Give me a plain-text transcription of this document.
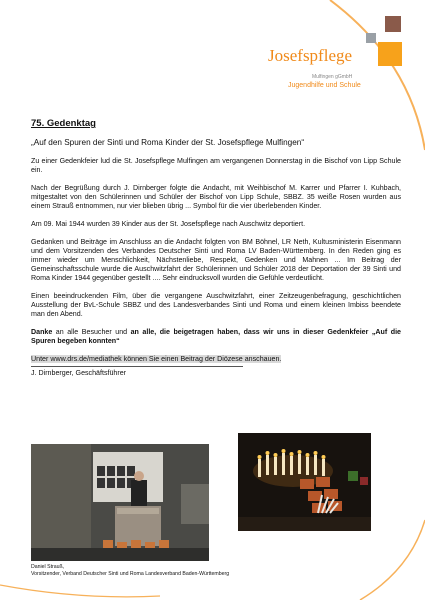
Josefspflege
Mulfingen gGmbH
Jugendhilfe und Schule
75. Gedenktag
„Auf den Spuren der Sinti und Roma Kinder der St. Josefspflege Mulfingen“

Zu einer Gedenkfeier lud die St. Josefspflege Mulfingen am vergangenen Donnerstag in die Bischof von Lipp Schule ein.

Nach der Begrüßung durch J. Dirnberger folgte die Andacht, mit Weihbischof M. Karrer und Pfarrer I. Kuhbach, mitgestaltet von den Schülerinnen und Schüler der Bischof von Lipp Schule, SBBZ. 35 weiße Rosen wurden aus einem Strauß entnommen, nur vier blieben übrig ... Symbol für die vier überlebenden Kinder.

Am 09. Mai 1944 wurden 39 Kinder aus der St. Josefspflege nach Auschwitz deportiert.

Gedanken und Beiträge im Anschluss an die Andacht folgten von BM Böhnel, LR Neth, Kultusministerin Eisenmann und dem Vorsitzenden des Verbandes Deutscher Sinti und Roma LV Baden-Württemberg. In den Reden ging es immer wieder um Menschlichkeit, Nächstenliebe, Respekt, Gedenken und Mahnen ... Im Beitrag der Gemeinschaftsschule wurde die Auschwitzfahrt der Schülerinnen und Schüler 2018 der Deportation der 39 Sinti und Roma Kinder 1944 gegenüber gestellt .... Sehr eindrucksvoll wurden die Gefühle verdeutlicht.

Einen beeindruckenden Film, über die vergangene Auschwitzfahrt, einer Zeitzeugenbefragung, geschichtlichen Ausstellung der BvL-Schule SBBZ und des Landesverbandes Sinti und Roma und einem kleinen Imbiss beendete man den Abend.

Danke an alle Besucher und an alle, die beigetragen haben, dass wir uns in dieser Gedenkfeier „Auf die Spuren begeben konnten“

Unter www.drs.de/mediathek können Sie einen Beitrag der Diözese anschauen.
J. Dirnberger, Geschäftsführer
Daniel Strauß,
Vorsitzender, Verband Deutscher Sinti und Roma Landesverband Baden-Württemberg
